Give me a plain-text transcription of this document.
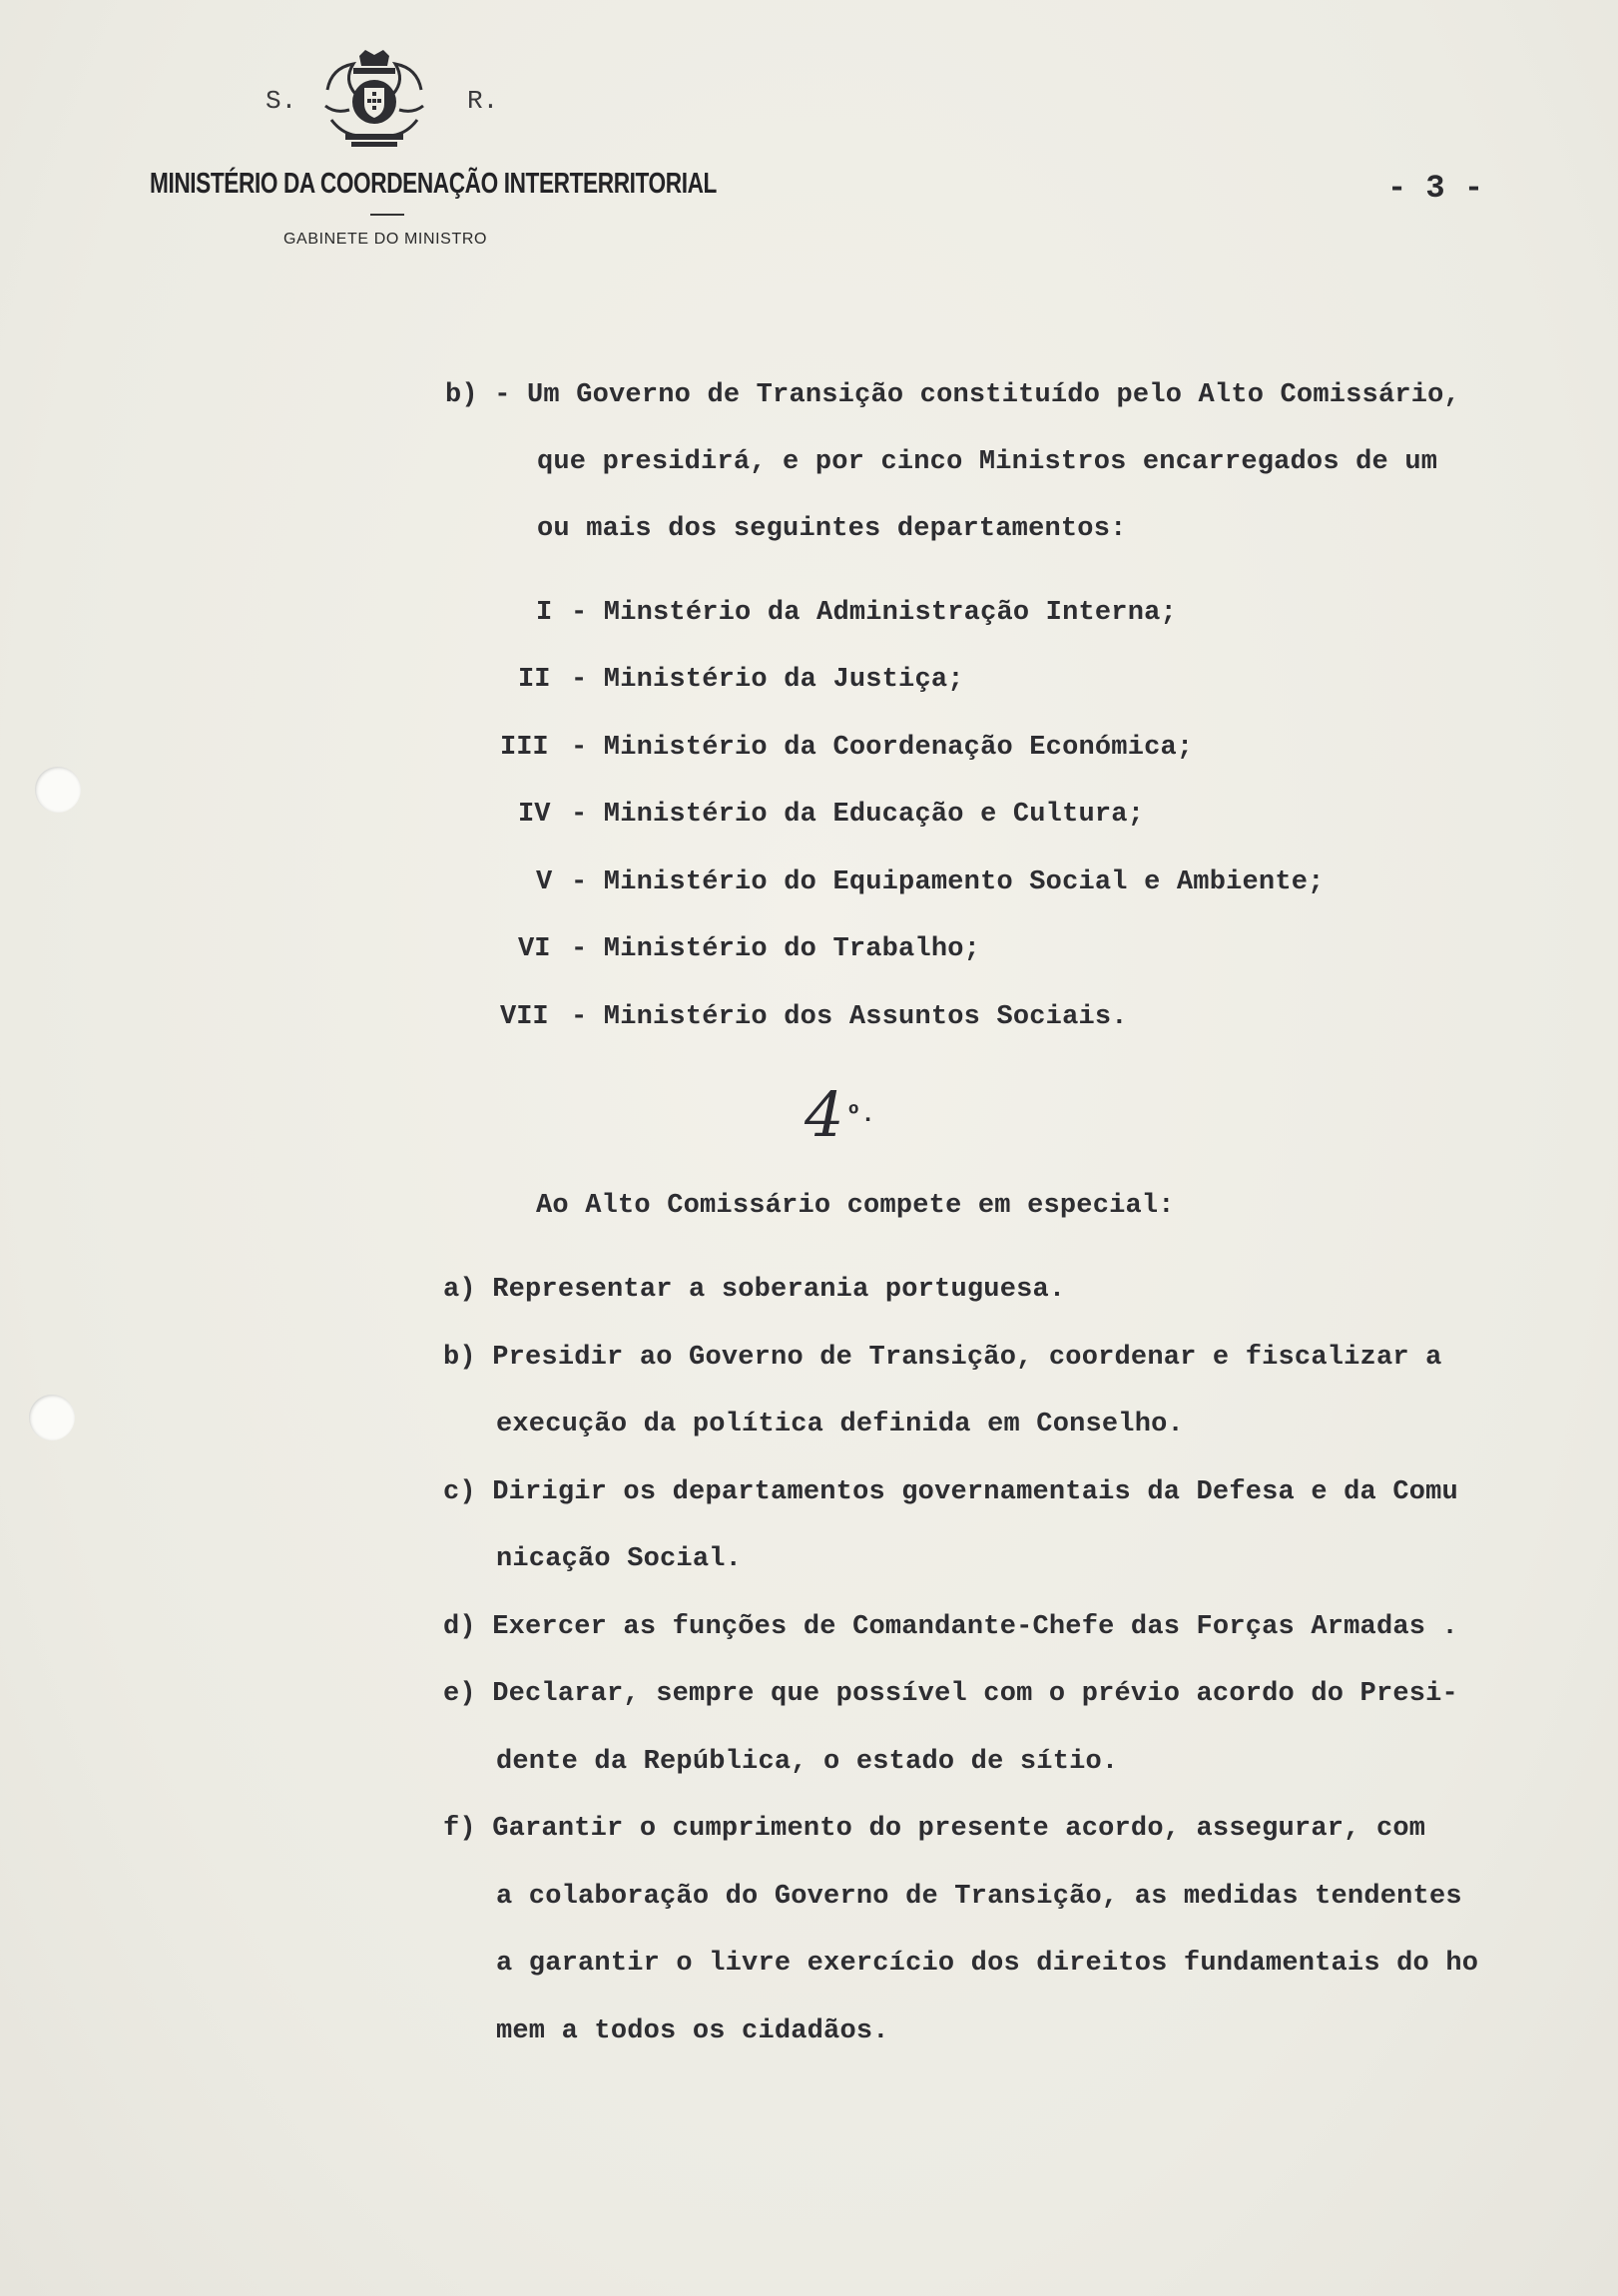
S.	R.
MINISTÉRIO DA COORDENAÇÃO INTERTERRITORIAL
GABINETE DO MINISTRO
- 3 -
b) - Um Governo de Transição constituído pelo Alto Comissário,
que presidirá, e por cinco Ministros encarregados de um
ou mais dos seguintes departamentos:
I - Minstério da Administração Interna;
II - Ministério da Justiça;
III - Ministério da Coordenação Económica;
IV - Ministério da Educação e Cultura;
V - Ministério do Equipamento Social e Ambiente;
VI - Ministério do Trabalho;
VII - Ministério dos Assuntos Sociais.
4 º.
Ao Alto Comissário compete em especial:
a) Representar a soberania portuguesa.
b) Presidir ao Governo de Transição, coordenar e fiscalizar a
execução da política definida em Conselho.
c) Dirigir os departamentos governamentais da Defesa e da Comu
nicação Social.
d) Exercer as funções de Comandante-Chefe das Forças Armadas .
e) Declarar, sempre que possível com o prévio acordo do Presi-
dente da República, o estado de sítio.
f) Garantir o cumprimento do presente acordo, assegurar, com
a colaboração do Governo de Transição, as medidas tendentes
a garantir o livre exercício dos direitos fundamentais do ho
mem a todos os cidadãos.
